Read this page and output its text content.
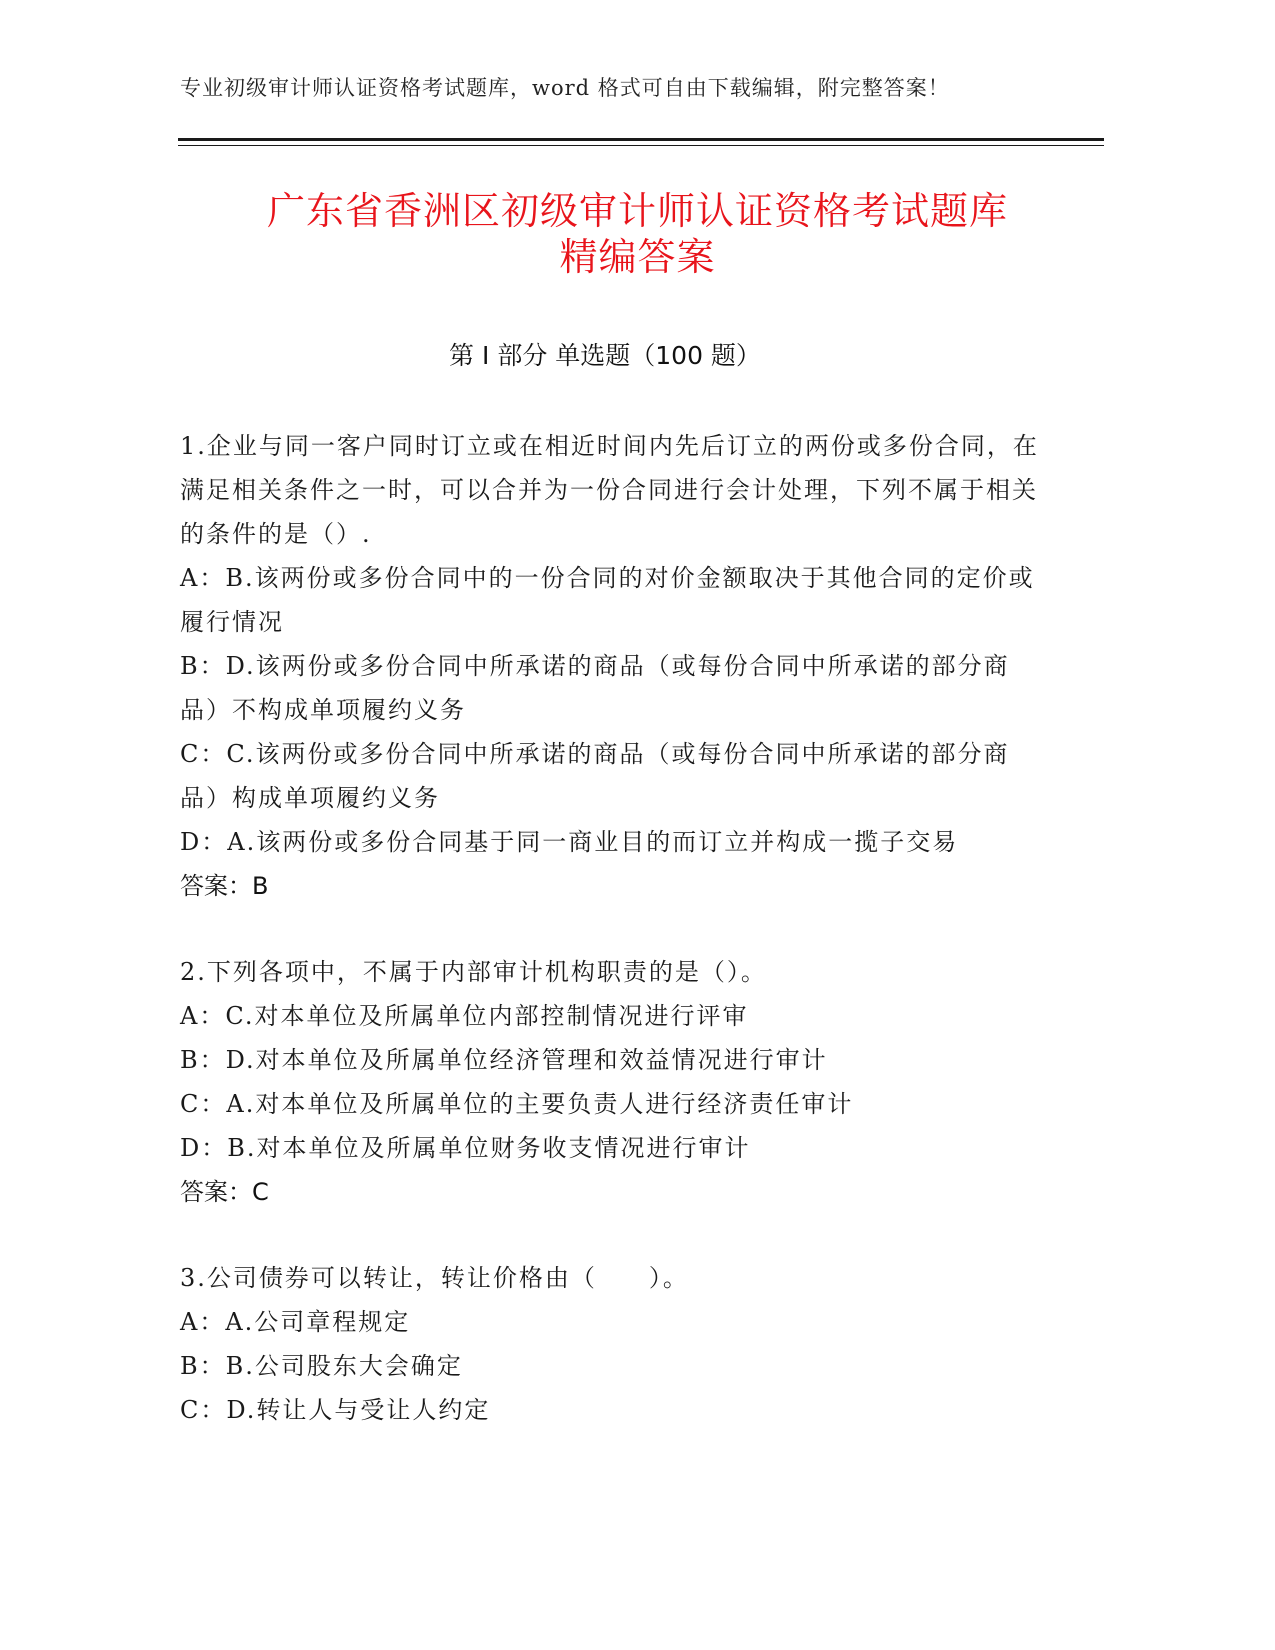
专业初级审计师认证资格考试题库，word 格式可自由下载编辑，附完整答案！
广东省香洲区初级审计师认证资格考试题库
精编答案
第 I 部分 单选题（100 题）
1.企业与同一客户同时订立或在相近时间内先后订立的两份或多份合同，在满足相关条件之一时，可以合并为一份合同进行会计处理，下列不属于相关的条件的是（）.
A：B.该两份或多份合同中的一份合同的对价金额取决于其他合同的定价或履行情况
B：D.该两份或多份合同中所承诺的商品（或每份合同中所承诺的部分商品）不构成单项履约义务
C：C.该两份或多份合同中所承诺的商品（或每份合同中所承诺的部分商品）构成单项履约义务
D：A.该两份或多份合同基于同一商业目的而订立并构成一揽子交易
答案：B
2.下列各项中，不属于内部审计机构职责的是（）。
A：C.对本单位及所属单位内部控制情况进行评审
B：D.对本单位及所属单位经济管理和效益情况进行审计
C：A.对本单位及所属单位的主要负责人进行经济责任审计
D：B.对本单位及所属单位财务收支情况进行审计
答案：C
3.公司债券可以转让，转让价格由（　　）。
A：A.公司章程规定
B：B.公司股东大会确定
C：D.转让人与受让人约定
